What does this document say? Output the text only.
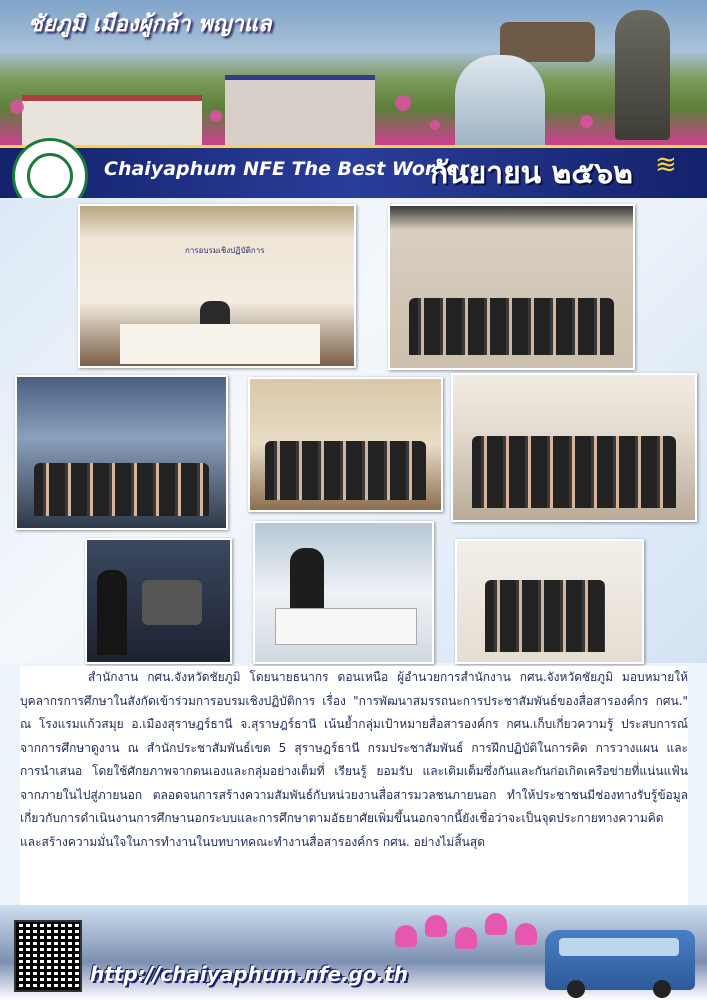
ชัยภูมิ เมืองผู้กล้า พญาแล
Chaiyaphum NFE The Best Worker
กันยายน ๒๕๖๒ ≋
การอบรมเชิงปฏิบัติการ
สำนักงาน กศน.จังหวัดชัยภูมิ โดยนายธนากร ดอนเหนือ ผู้อำนวยการสำนักงาน กศน.จังหวัดชัยภูมิ มอบหมายให้บุคลากรการศึกษาในสังกัดเข้าร่วมการอบรมเชิงปฏิบัติการ เรื่อง "การพัฒนาสมรรถนะการประชาสัมพันธ์ของสื่อสารองค์กร กศน." ณ โรงแรมแก้วสมุย อ.เมืองสุราษฎร์ธานี จ.สุราษฎร์ธานี เน้นย้ำกลุ่มเป้าหมายสื่อสารองค์กร กศน.เก็บเกี่ยวความรู้ ประสบการณ์ จากการศึกษาดูงาน ณ สำนักประชาสัมพันธ์เขต 5 สุราษฎร์ธานี กรมประชาสัมพันธ์ การฝึกปฏิบัติในการคิด การวางแผน และการนำเสนอ โดยใช้ศักยภาพจากตนเองและกลุ่มอย่างเต็มที่ เรียนรู้ ยอมรับ และเติมเต็มซึ่งกันและกันก่อเกิดเครือข่ายที่แน่นแฟ้น จากภายในไปสู่ภายนอก ตลอดจนการสร้างความสัมพันธ์กับหน่วยงานสื่อสารมวลชนภายนอก ทำให้ประชาชนมีช่องทางรับรู้ข้อมูลเกี่ยวกับการดำเนินงานการศึกษานอกระบบและการศึกษาตามอัธยาศัยเพิ่มขึ้นนอกจากนี้ยังเชื่อว่าจะเป็นจุดประกายทางความคิด และสร้างความมั่นใจในการทำงานในบทบาทคณะทำงานสื่อสารองค์กร กศน. อย่างไม่สิ้นสุด
http://chaiyaphum.nfe.go.th
